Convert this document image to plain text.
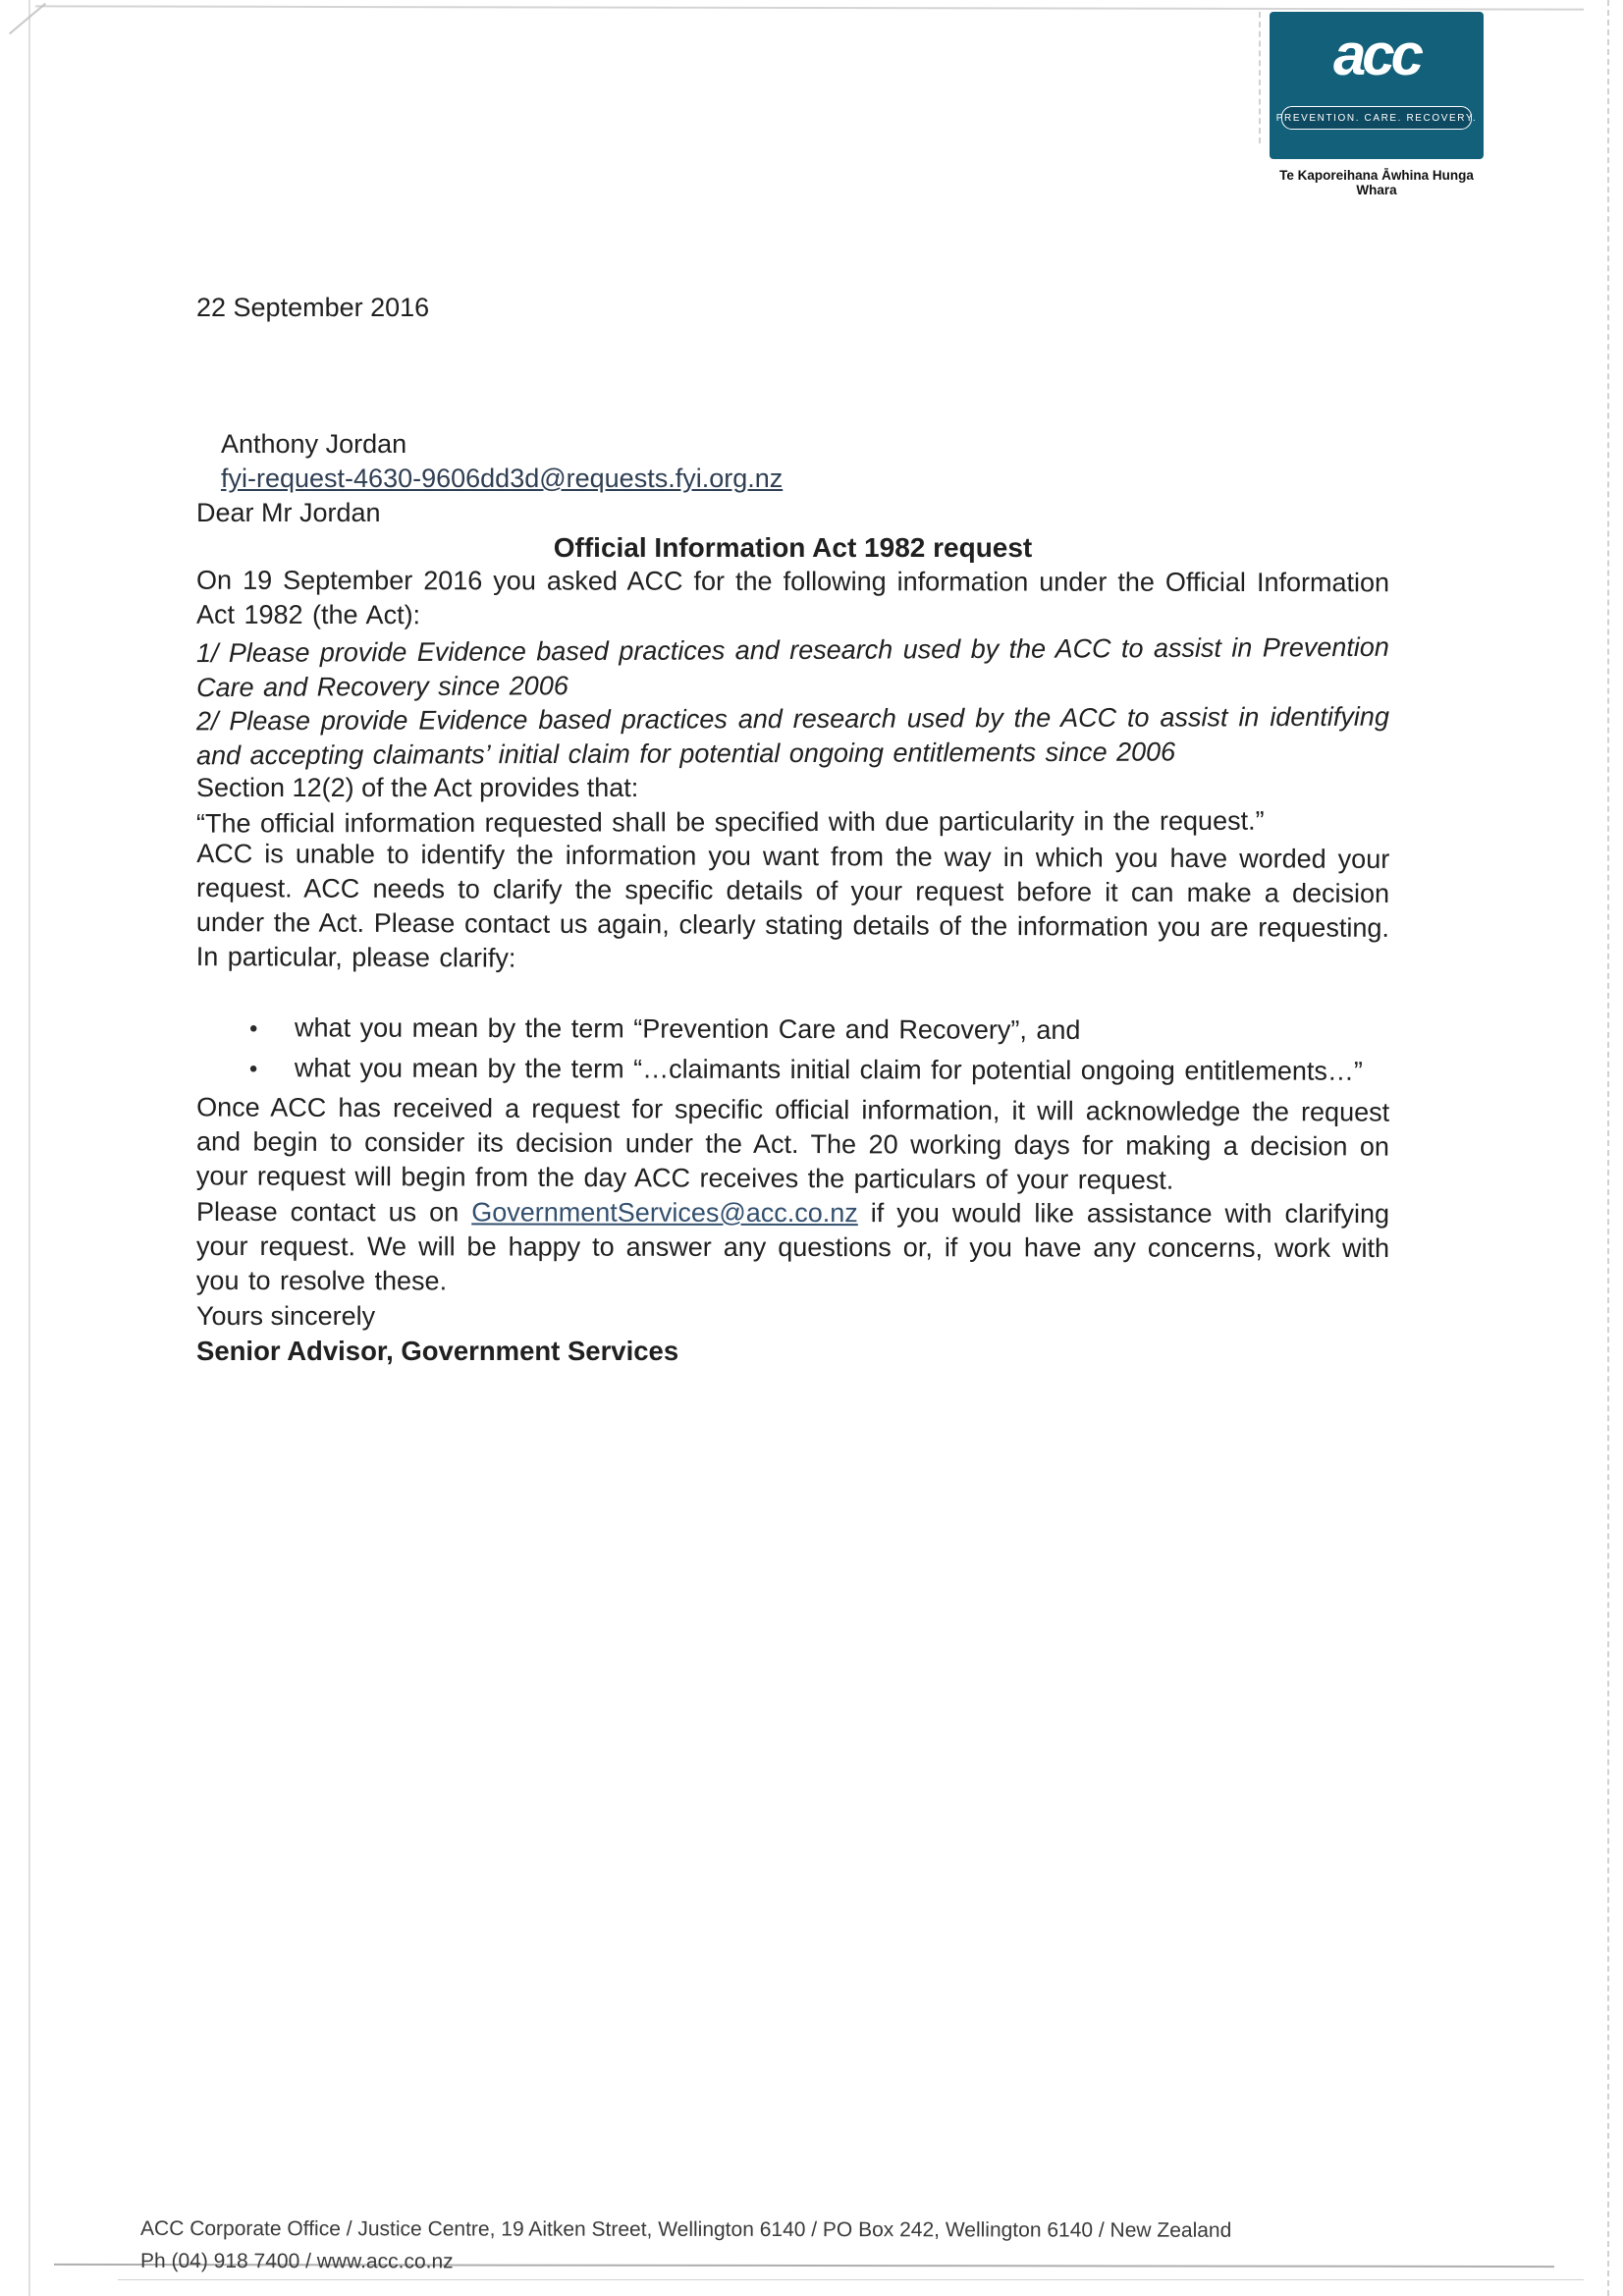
acc
PREVENTION. CARE. RECOVERY.
Te Kaporeihana Āwhina Hunga Whara

22 September 2016

Anthony Jordan

fyi-request-4630-9606dd3d@requests.fyi.org.nz

Dear Mr Jordan

Official Information Act 1982 request

On 19 September 2016 you asked ACC for the following information under the Official Information Act 1982 (the Act):

1/ Please provide Evidence based practices and research used by the ACC to assist in Prevention Care and Recovery since 2006

2/ Please provide Evidence based practices and research used by the ACC to assist in identifying and accepting claimants’ initial claim for potential ongoing entitlements since 2006

Section 12(2) of the Act provides that:

“The official information requested shall be specified with due particularity in the request.”

ACC is unable to identify the information you want from the way in which you have worded your request. ACC needs to clarify the specific details of your request before it can make a decision under the Act. Please contact us again, clearly stating details of the information you are requesting. In particular, please clarify:

•
what you mean by the term “Prevention Care and Recovery”, and
•
what you mean by the term “…claimants initial claim for potential ongoing entitlements…”

Once ACC has received a request for specific official information, it will acknowledge the request and begin to consider its decision under the Act. The 20 working days for making a decision on your request will begin from the day ACC receives the particulars of your request.

Please contact us on GovernmentServices@acc.co.nz if you would like assistance with clarifying your request. We will be happy to answer any questions or, if you have any concerns, work with you to resolve these.

Yours sincerely

Senior Advisor, Government Services

ACC Corporate Office / Justice Centre, 19 Aitken Street, Wellington 6140 / PO Box 242, Wellington 6140 / New Zealand
Ph (04) 918 7400 / www.acc.co.nz
